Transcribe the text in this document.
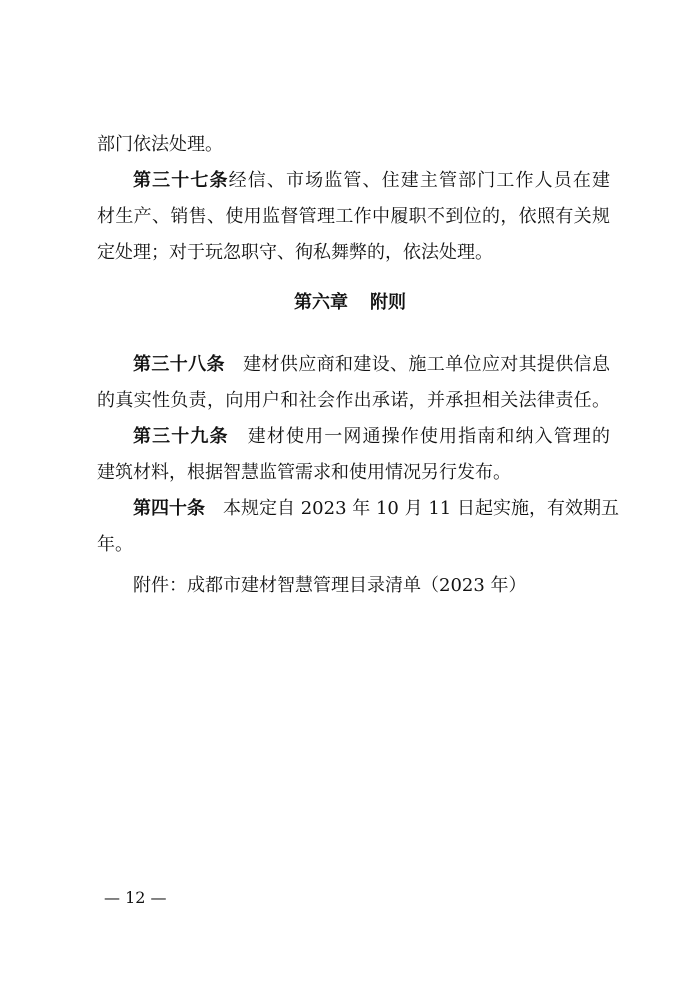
部门依法处理。
第三十七条经信、市场监管、住建主管部门工作人员在建
材生产、销售、使用监督管理工作中履职不到位的，依照有关规
定处理；对于玩忽职守、徇私舞弊的，依法处理。
第六章 附则
第三十八条 建材供应商和建设、施工单位应对其提供信息
的真实性负责，向用户和社会作出承诺，并承担相关法律责任。
第三十九条 建材使用一网通操作使用指南和纳入管理的
建筑材料，根据智慧监管需求和使用情况另行发布。
第四十条 本规定自 2023 年 10 月 11 日起实施，有效期五
年。
附件：成都市建材智慧管理目录清单（2023 年）
— 12 —
